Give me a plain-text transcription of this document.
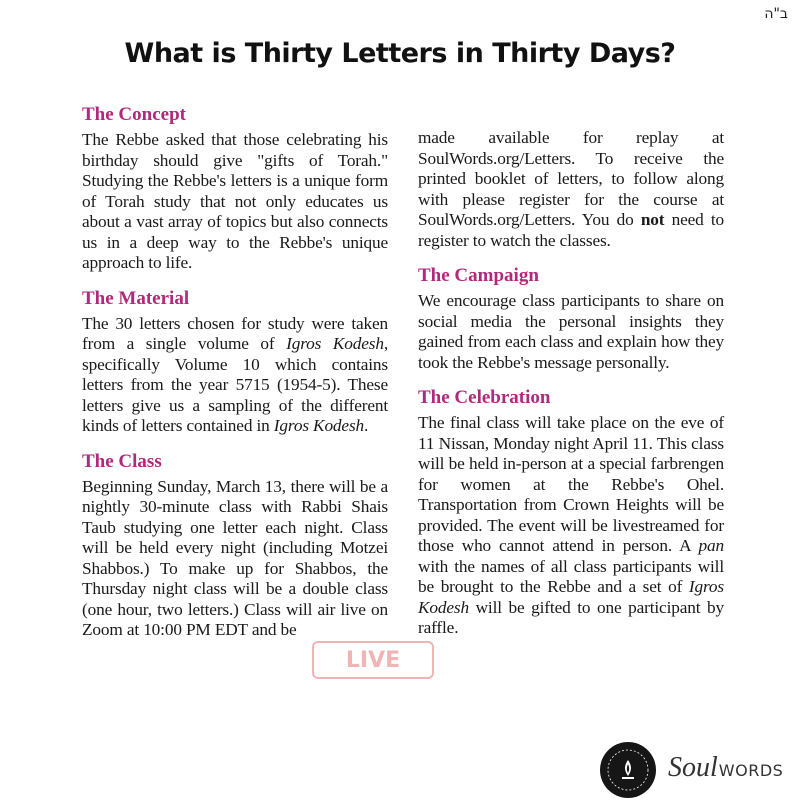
ב"ה
What is Thirty Letters in Thirty Days?
The Concept

The Rebbe asked that those celebrating his birthday should give "gifts of Torah." Studying the Rebbe's letters is a unique form of Torah study that not only educates us about a vast array of topics but also connects us in a deep way to the Rebbe's unique approach to life.

The Material

The 30 letters chosen for study were taken from a single volume of Igros Kodesh, specifically Volume 10 which contains letters from the year 5715 (1954-5). These letters give us a sampling of the different kinds of letters contained in Igros Kodesh.

The Class

Beginning Sunday, March 13, there will be a nightly 30-minute class with Rabbi Shais Taub studying one letter each night. Class will be held every night (including Motzei Shabbos.) To make up for Shabbos, the Thursday night class will be a double class (one hour, two letters.) Class will air live on Zoom at 10:00 PM EDT and be

made available for replay at SoulWords.org/Letters. To receive the printed booklet of letters, to follow along with please register for the course at SoulWords.org/Letters. You do not need to register to watch the classes.

The Campaign

We encourage class participants to share on social media the personal insights they gained from each class and explain how they took the Rebbe's message personally.

The Celebration

The final class will take place on the eve of 11 Nissan, Monday night April 11. This class will be held in-person at a special farbrengen for women at the Rebbe's Ohel. Transportation from Crown Heights will be provided. The event will be livestreamed for those who cannot attend in person. A pan with the names of all class participants will be brought to the Rebbe and a set of Igros Kodesh will be gifted to one participant by raffle.

LIVE
Soul WORDS
